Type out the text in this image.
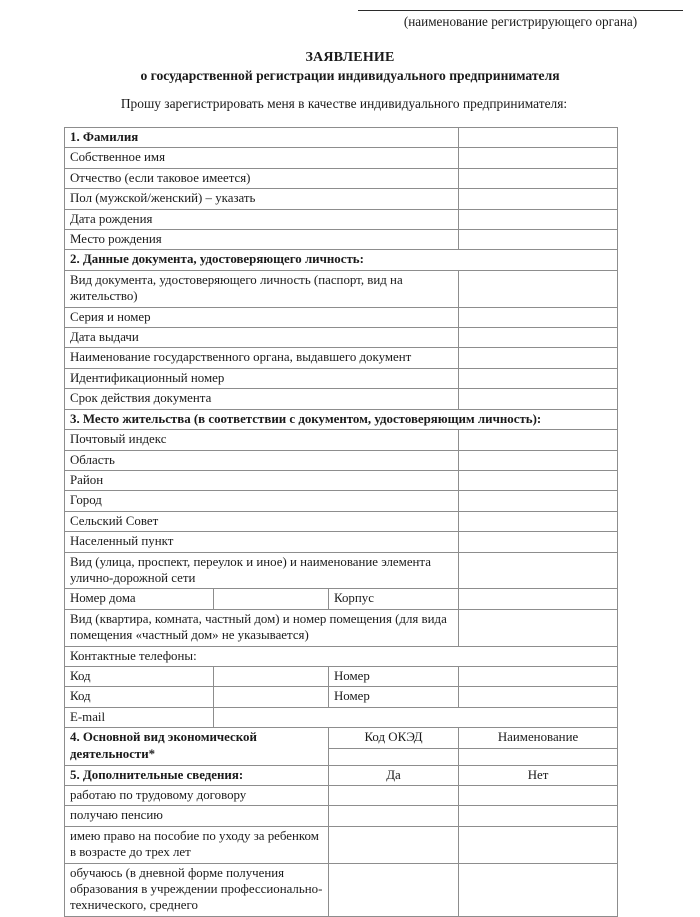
(наименование регистрирующего органа)
ЗАЯВЛЕНИЕ
о государственной регистрации индивидуального предпринимателя
Прошу зарегистрировать меня в качестве индивидуального предпринимателя:
1. Фамилия			
Собственное имя			
Отчество (если таковое имеется)			
Пол (мужской/женский) – указать			
Дата рождения			
Место рождения			
2. Данные документа, удостоверяющего личность:			
Вид документа, удостоверяющего личность (паспорт, вид на жительство)			
Серия и номер			
Дата выдачи			
Наименование государственного органа, выдавшего документ			
Идентификационный номер			
Срок действия документа			
3. Место жительства (в соответствии с документом, удостоверяющим личность):			
Почтовый индекс			
Область			
Район			
Город			
Сельский Совет			
Населенный пункт			
Вид (улица, проспект, переулок и иное) и наименование элемента улично-дорожной сети			
Номер дома		Корпус	
Вид (квартира, комната, частный дом) и номер помещения (для вида помещения «частный дом» не указывается)			
Контактные телефоны:			
Код		Номер	
Код		Номер	
E-mail			
4. Основной вид экономической деятельности*		Код ОКЭД	Наименование

5. Дополнительные сведения:		Да	Нет
работаю по трудовому договору			
получаю пенсию			
имею право на пособие по уходу за ребенком в возрасте до трех лет			
обучаюсь (в дневной форме получения образования в учреждении профессионально-технического, среднего			
